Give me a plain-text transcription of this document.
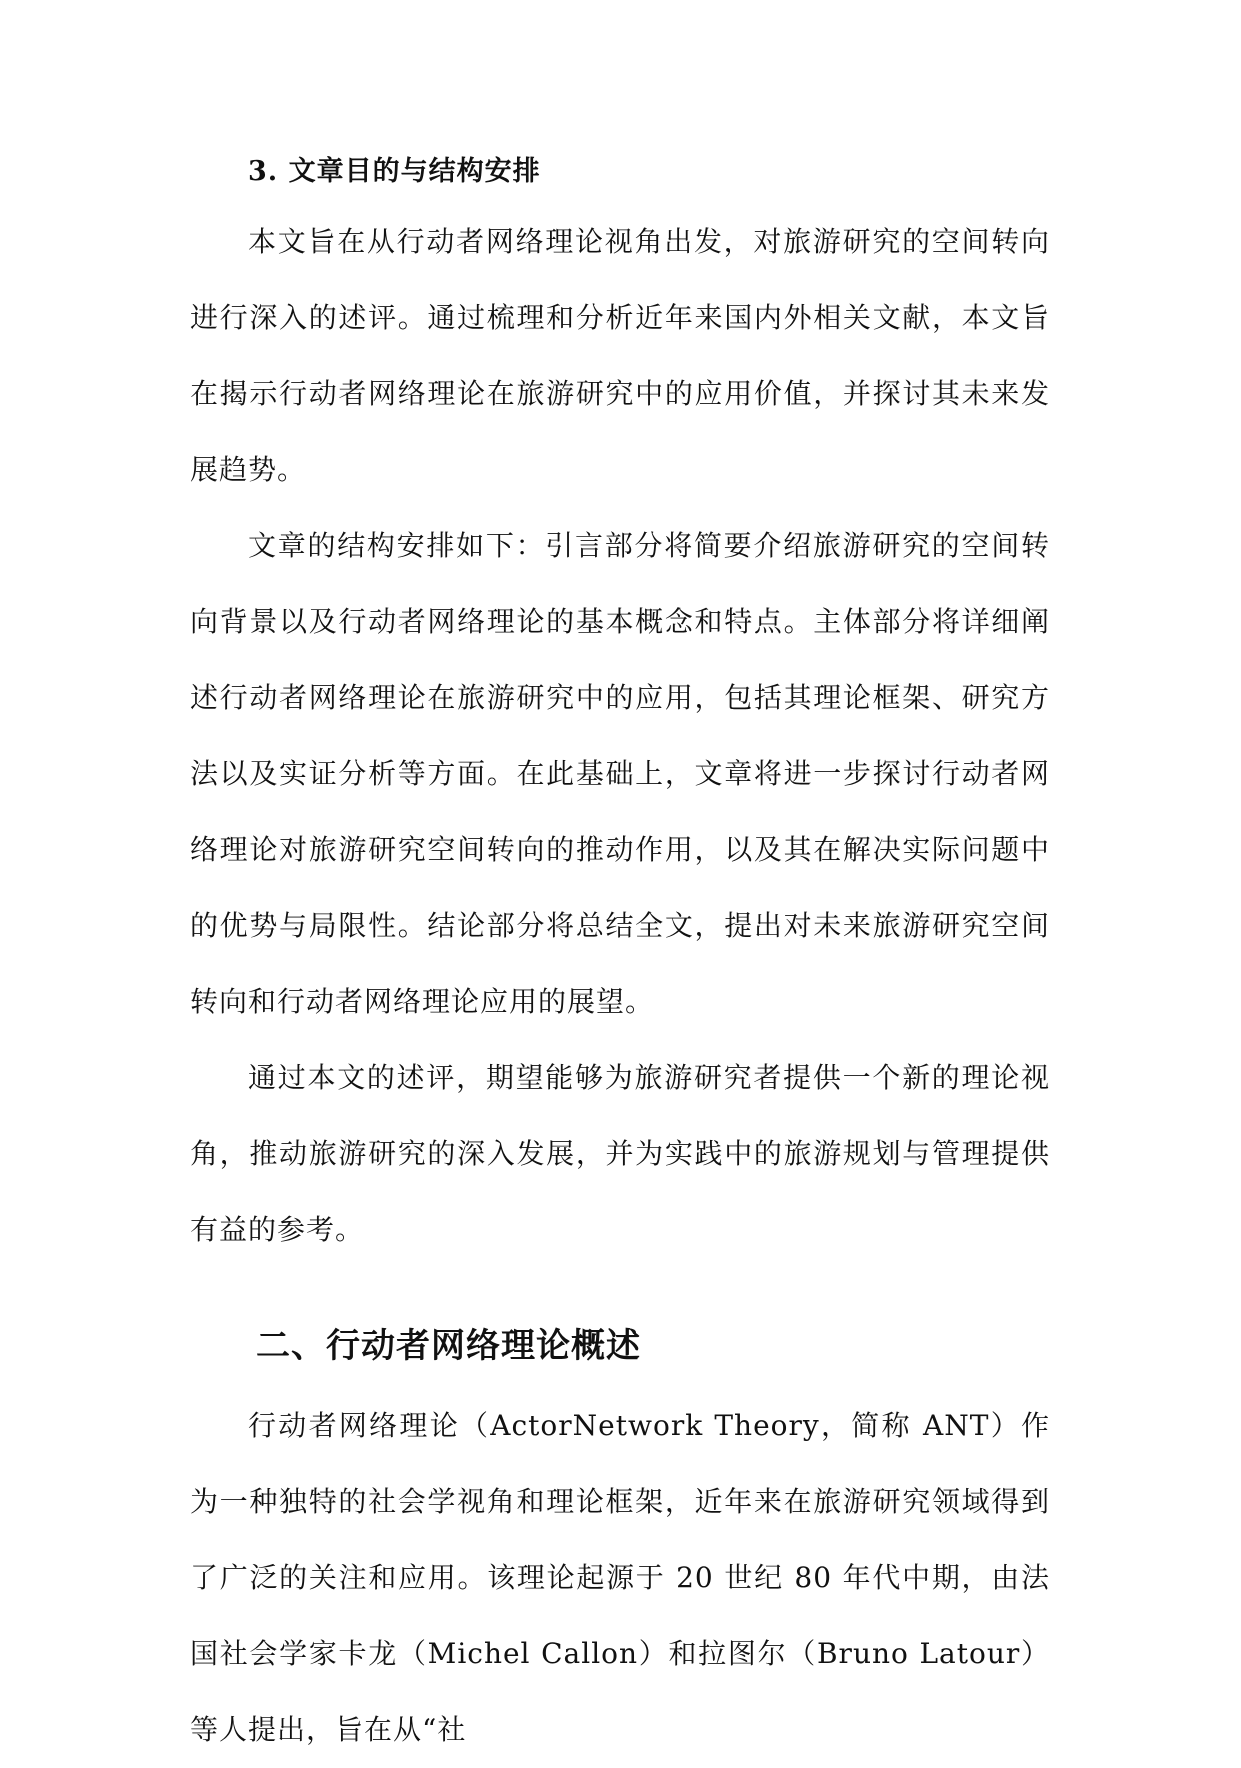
3. 文章目的与结构安排

本文旨在从行动者网络理论视角出发，对旅游研究的空间转向进行深入的述评。通过梳理和分析近年来国内外相关文献，本文旨在揭示行动者网络理论在旅游研究中的应用价值，并探讨其未来发展趋势。

文章的结构安排如下：引言部分将简要介绍旅游研究的空间转向背景以及行动者网络理论的基本概念和特点。主体部分将详细阐述行动者网络理论在旅游研究中的应用，包括其理论框架、研究方法以及实证分析等方面。在此基础上，文章将进一步探讨行动者网络理论对旅游研究空间转向的推动作用，以及其在解决实际问题中的优势与局限性。结论部分将总结全文，提出对未来旅游研究空间转向和行动者网络理论应用的展望。

通过本文的述评，期望能够为旅游研究者提供一个新的理论视角，推动旅游研究的深入发展，并为实践中的旅游规划与管理提供有益的参考。

二、行动者网络理论概述

行动者网络理论（ActorNetwork Theory，简称 ANT）作为一种独特的社会学视角和理论框架，近年来在旅游研究领域得到了广泛的关注和应用。该理论起源于 20 世纪 80 年代中期，由法国社会学家卡龙（Michel Callon）和拉图尔（Bruno Latour）等人提出，旨在从“社
